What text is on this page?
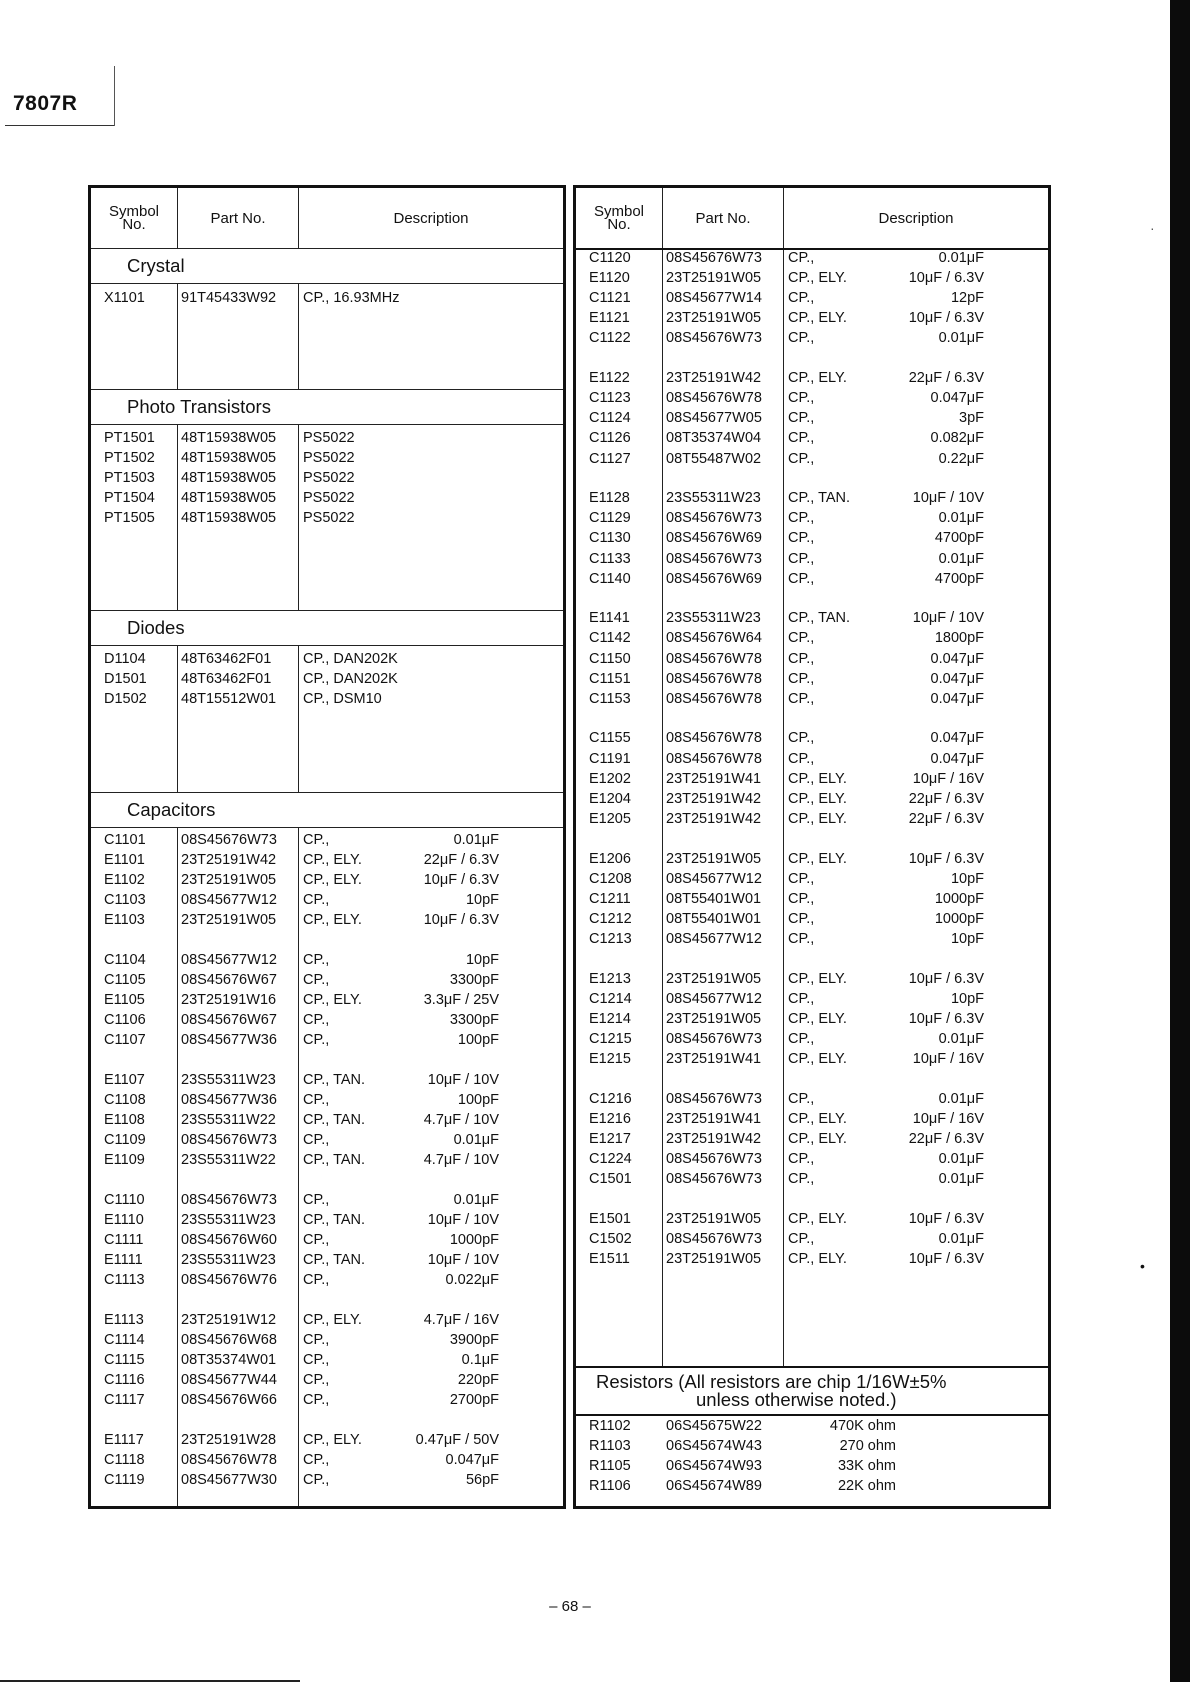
7807R
Symbol
No.	Part No.	Description
Crystal
X1101 91T45433W92 CP., 16.93MHz
Photo Transistors
PT1501 48T15938W05 PS5022
PT1502 48T15938W05 PS5022
PT1503 48T15938W05 PS5022
PT1504 48T15938W05 PS5022
PT1505 48T15938W05 PS5022
Diodes
D1104 48T63462F01 CP., DAN202K
D1501 48T63462F01 CP., DAN202K
D1502 48T15512W01 CP., DSM10
Capacitors
C1101 08S45676W73 CP.,	0.01μF
E1101 23T25191W42 CP., ELY.	22μF / 6.3V
E1102 23T25191W05 CP., ELY.	10μF / 6.3V
C1103 08S45677W12 CP.,	10pF
E1103 23T25191W05 CP., ELY.	10μF / 6.3V
C1104 08S45677W12 CP.,	10pF
C1105 08S45676W67 CP.,	3300pF
E1105 23T25191W16 CP., ELY.	3.3μF / 25V
C1106 08S45676W67 CP.,	3300pF
C1107 08S45677W36 CP.,	100pF
E1107 23S55311W23 CP., TAN.	10μF / 10V
C1108 08S45677W36 CP.,	100pF
E1108 23S55311W22 CP., TAN.	4.7μF / 10V
C1109 08S45676W73 CP.,	0.01μF
E1109 23S55311W22 CP., TAN.	4.7μF / 10V
C1110	08S45676W73 CP.,	0.01μF
E1110	23S55311W23 CP., TAN.	10μF / 10V
C1111	08S45676W60 CP.,	1000pF
E1111	23S55311W23 CP., TAN.	10μF / 10V
C1113	08S45676W76 CP.,	0.022μF
E1113	23T25191W12 CP., ELY.	4.7μF / 16V
C1114	08S45676W68 CP.,	3900pF
C1115	08T35374W01 CP.,	0.1μF
C1116	08S45677W44 CP.,	220pF
C1117	08S45676W66 CP.,	2700pF
E1117	23T25191W28 CP., ELY.	0.47μF / 50V
C1118	08S45676W78 CP.,	0.047μF
C1119	08S45677W30 CP.,	56pF
Symbol
No.	Part No.	Description
C1120 08S45676W73 CP.,	0.01μF
E1120 23T25191W05 CP., ELY.	10μF / 6.3V
C1121 08S45677W14 CP.,	12pF
E1121 23T25191W05 CP., ELY.	10μF / 6.3V
C1122 08S45676W73 CP.,	0.01μF
E1122 23T25191W42 CP., ELY.	22μF / 6.3V
C1123 08S45676W78 CP.,	0.047μF
C1124 08S45677W05 CP.,	3pF
C1126 08T35374W04 CP.,	0.082μF
C1127 08T55487W02 CP.,	0.22μF
E1128 23S55311W23 CP., TAN.	10μF / 10V
C1129 08S45676W73 CP.,	0.01μF
C1130 08S45676W69 CP.,	4700pF
C1133 08S45676W73 CP.,	0.01μF
C1140 08S45676W69 CP.,	4700pF
E1141 23S55311W23 CP., TAN.	10μF / 10V
C1142 08S45676W64 CP.,	1800pF
C1150 08S45676W78 CP.,	0.047μF
C1151 08S45676W78 CP.,	0.047μF
C1153 08S45676W78 CP.,	0.047μF
C1155 08S45676W78 CP.,	0.047μF
C1191 08S45676W78 CP.,	0.047μF
E1202 23T25191W41 CP., ELY.	10μF / 16V
E1204 23T25191W42 CP., ELY.	22μF / 6.3V
E1205 23T25191W42 CP., ELY.	22μF / 6.3V
E1206 23T25191W05 CP., ELY.	10μF / 6.3V
C1208 08S45677W12 CP.,	10pF
C1211 08T55401W01 CP.,	1000pF
C1212 08T55401W01 CP.,	1000pF
C1213 08S45677W12 CP.,	10pF
E1213 23T25191W05 CP., ELY.	10μF / 6.3V
C1214 08S45677W12 CP.,	10pF
E1214 23T25191W05 CP., ELY.	10μF / 6.3V
C1215 08S45676W73 CP.,	0.01μF
E1215 23T25191W41 CP., ELY.	10μF / 16V
C1216 08S45676W73 CP.,	0.01μF
E1216 23T25191W41 CP., ELY.	10μF / 16V
E1217 23T25191W42 CP., ELY.	22μF / 6.3V
C1224 08S45676W73 CP.,	0.01μF
C1501 08S45676W73 CP.,	0.01μF
E1501 23T25191W05 CP., ELY.	10μF / 6.3V
C1502 08S45676W73 CP.,	0.01μF
E1511 23T25191W05 CP., ELY.	10μF / 6.3V
Resistors (All resistors are chip 1/16W±5%
unless otherwise noted.)
R1102 06S45675W22	470K ohm
R1103 06S45674W43	270 ohm
R1105 06S45674W93	33K ohm
R1106 06S45674W89	22K ohm
– 68 –
·
•
